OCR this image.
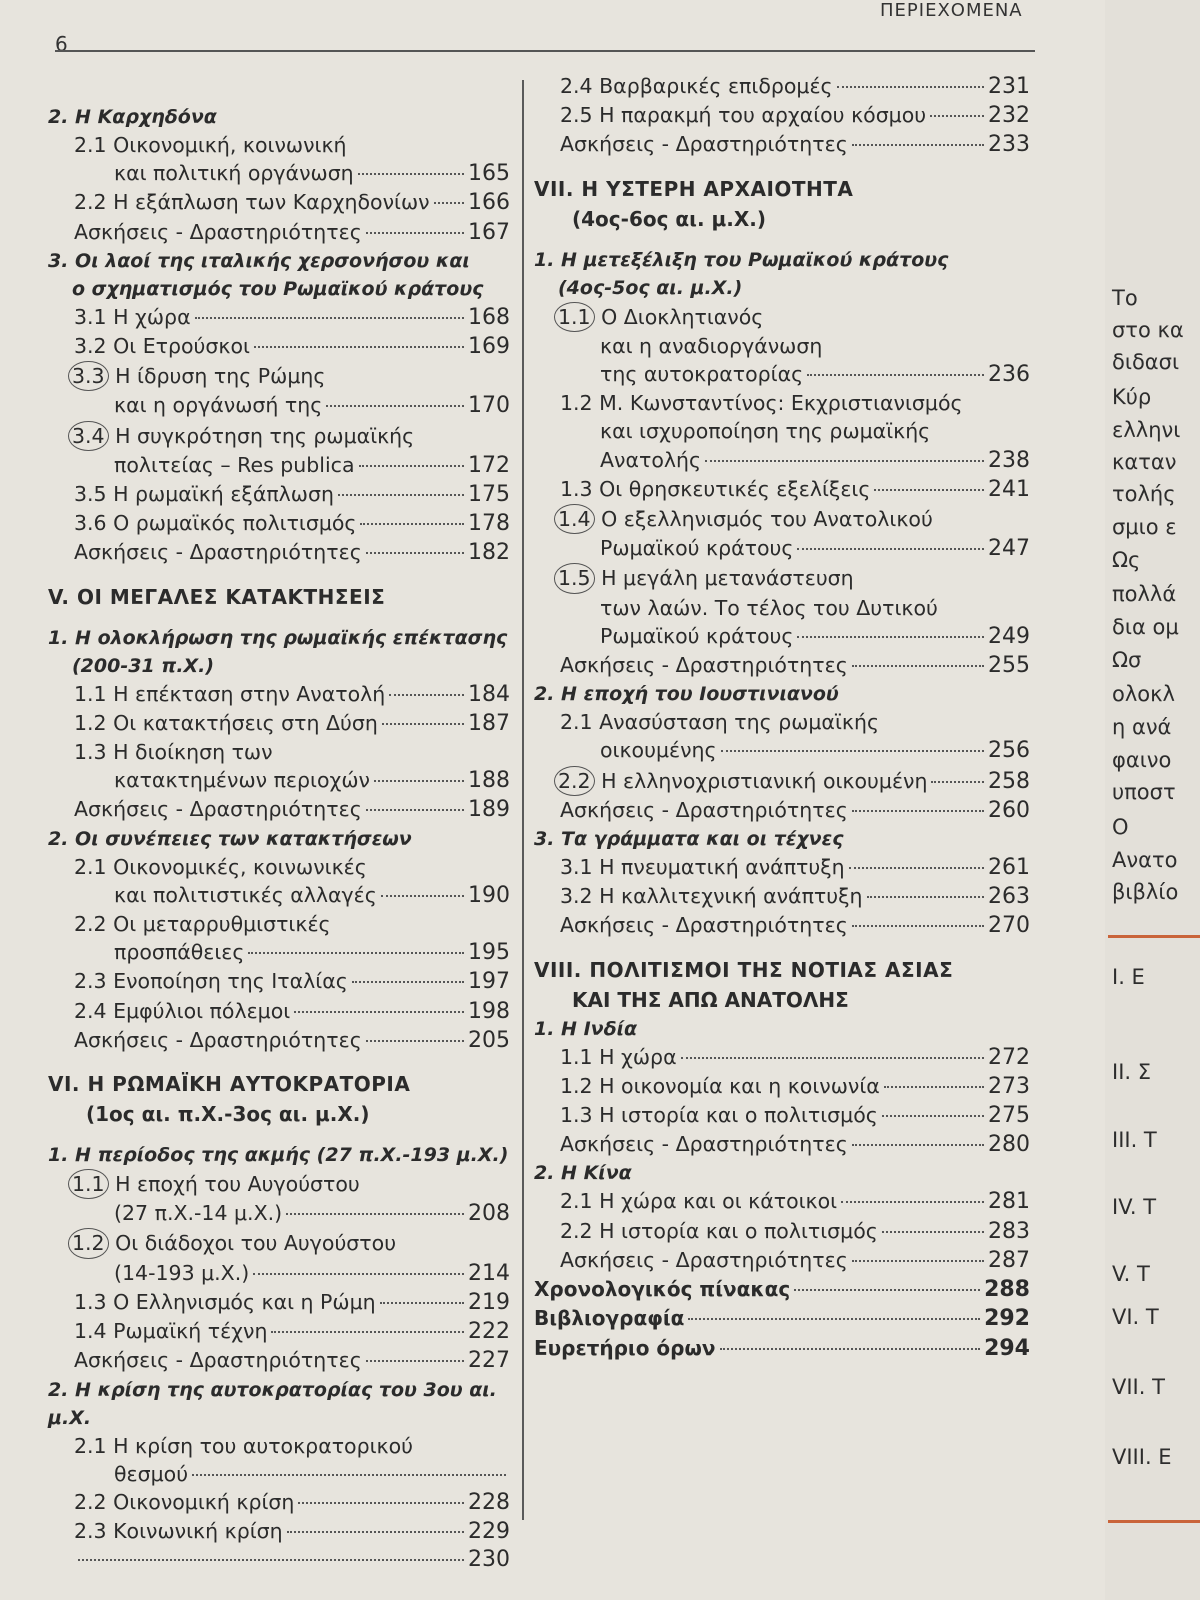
ΠΕΡΙΕΧΟΜΕΝΑ
6
2. Η Καρχηδόνα
2.1 Οικονομική, κοινωνική
και πολιτική οργάνωση	165
2.2 Η εξάπλωση των Καρχηδονίων 166
Ασκήσεις - Δραστηριότητες	167
3. Οι λαοί της ιταλικής χερσονήσου και
ο σχηματισμός του Ρωμαϊκού κράτους
3.1 Η χώρα	168
3.2 Οι Ετρούσκοι	169
3.3 Η ίδρυση της Ρώμης
και η οργάνωσή της	170
3.4 Η συγκρότηση της ρωμαϊκής
πολιτείας – Res publica	172
3.5 Η ρωμαϊκή εξάπλωση	175
3.6 Ο ρωμαϊκός πολιτισμός	178
Ασκήσεις - Δραστηριότητες	182
V. ΟΙ ΜΕΓΑΛΕΣ ΚΑΤΑΚΤΗΣΕΙΣ
1. Η ολοκλήρωση της ρωμαϊκής επέκτασης
(200-31 π.Χ.)
1.1 Η επέκταση στην Ανατολή	184
1.2 Οι κατακτήσεις στη Δύση	187
1.3 Η διοίκηση των
κατακτημένων περιοχών	188
Ασκήσεις - Δραστηριότητες	189
2. Οι συνέπειες των κατακτήσεων
2.1 Οικονομικές, κοινωνικές
και πολιτιστικές αλλαγές	190
2.2 Οι μεταρρυθμιστικές
προσπάθειες	195
2.3 Ενοποίηση της Ιταλίας	197
2.4 Εμφύλιοι πόλεμοι	198
Ασκήσεις - Δραστηριότητες	205
VI. Η ΡΩΜΑΪΚΗ ΑΥΤΟΚΡΑΤΟΡΙΑ
(1ος αι. π.Χ.-3ος αι. μ.Χ.)
1. Η περίοδος της ακμής (27 π.Χ.-193 μ.Χ.)
1.1 Η εποχή του Αυγούστου
(27 π.Χ.-14 μ.Χ.)	208
1.2 Οι διάδοχοι του Αυγούστου
(14-193 μ.Χ.)	214
1.3 Ο Ελληνισμός και η Ρώμη	219
1.4 Ρωμαϊκή τέχνη	222
Ασκήσεις - Δραστηριότητες	227
2. Η κρίση της αυτοκρατορίας του 3ου αι. μ.Χ.
2.1 Η κρίση του αυτοκρατορικού
θεσμού
2.2 Οικονομική κρίση	228
2.3 Κοινωνική κρίση	229
230
2.4 Βαρβαρικές επιδρομές	231
2.5 Η παρακμή του αρχαίου κόσμου	232
Ασκήσεις - Δραστηριότητες	233
VII. Η ΥΣΤΕΡΗ ΑΡΧΑΙΟΤΗΤΑ
(4ος-6ος αι. μ.Χ.)
1. Η μετεξέλιξη του Ρωμαϊκού κράτους
(4ος-5ος αι. μ.Χ.)
1.1 Ο Διοκλητιανός
και η αναδιοργάνωση
της αυτοκρατορίας	236
1.2 Μ. Κωνσταντίνος: Εκχριστιανισμός
και ισχυροποίηση της ρωμαϊκής
Ανατολής	238
1.3 Οι θρησκευτικές εξελίξεις	241
1.4 Ο εξελληνισμός του Ανατολικού
Ρωμαϊκού κράτους	247
1.5 Η μεγάλη μετανάστευση
των λαών. Το τέλος του Δυτικού
Ρωμαϊκού κράτους	249
Ασκήσεις - Δραστηριότητες	255
2. Η εποχή του Ιουστινιανού
2.1 Ανασύσταση της ρωμαϊκής
οικουμένης	256
2.2 Η ελληνοχριστιανική οικουμένη	258
Ασκήσεις - Δραστηριότητες	260
3. Τα γράμματα και οι τέχνες
3.1 Η πνευματική ανάπτυξη	261
3.2 Η καλλιτεχνική ανάπτυξη	263
Ασκήσεις - Δραστηριότητες	270
VIII. ΠΟΛΙΤΙΣΜΟΙ ΤΗΣ ΝΟΤΙΑΣ ΑΣΙΑΣ
ΚΑΙ ΤΗΣ ΑΠΩ ΑΝΑΤΟΛΗΣ
1. Η Ινδία
1.1 Η χώρα	272
1.2 Η οικονομία και η κοινωνία	273
1.3 Η ιστορία και ο πολιτισμός	275
Ασκήσεις - Δραστηριότητες	280
2. Η Κίνα
2.1 Η χώρα και οι κάτοικοι	281
2.2 Η ιστορία και ο πολιτισμός	283
Ασκήσεις - Δραστηριότητες	287
Χρονολογικός πίνακας	288
Βιβλιογραφία	292
Ευρετήριο όρων	294
Το
στο κα
διδασι
Κύρ
ελληνι
καταν
τολής
σμιο ε
Ως
πολλά
δια ομ
Ωσ
ολοκλ
η ανά
φαινο
υποστ
Ο
Ανατο
βιβλίο
I. Ε
II. Σ
III. Τ
IV. Τ
V. Τ
VI. Τ
VII. Τ
VIII. Ε
